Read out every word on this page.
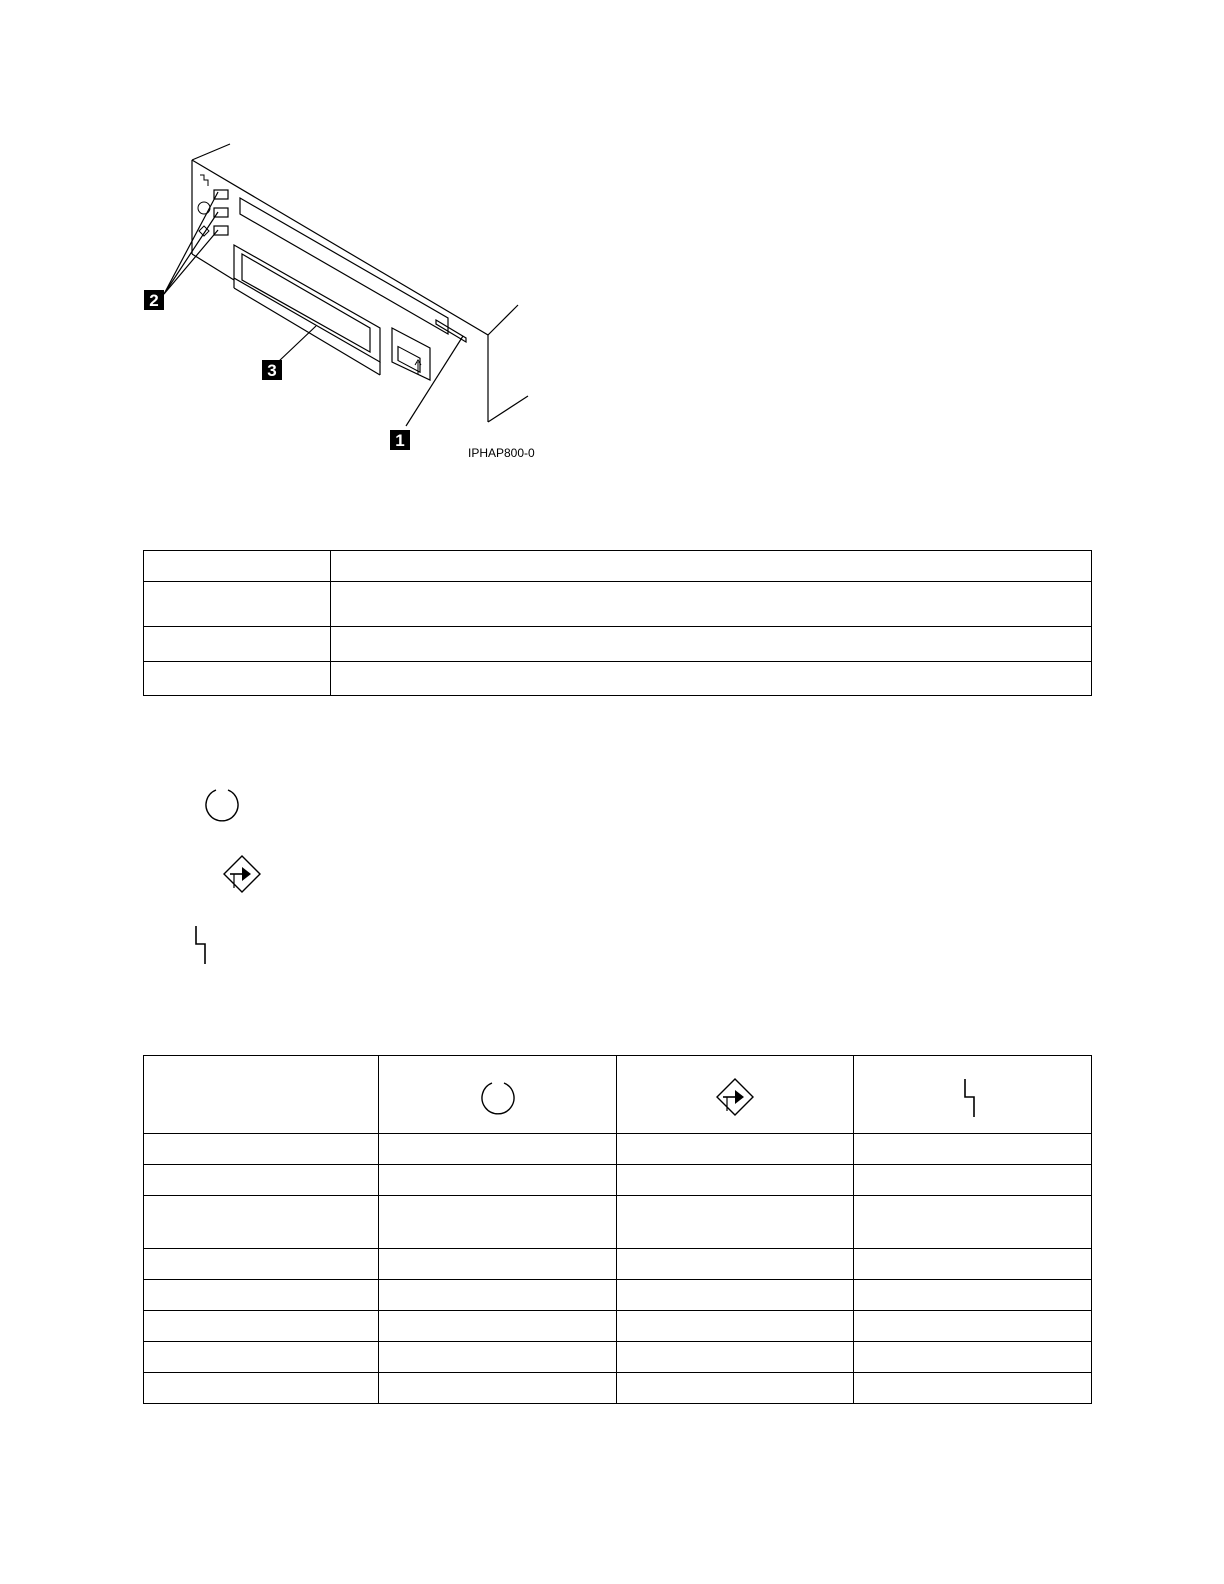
2
3
1
IPHAP800-0
